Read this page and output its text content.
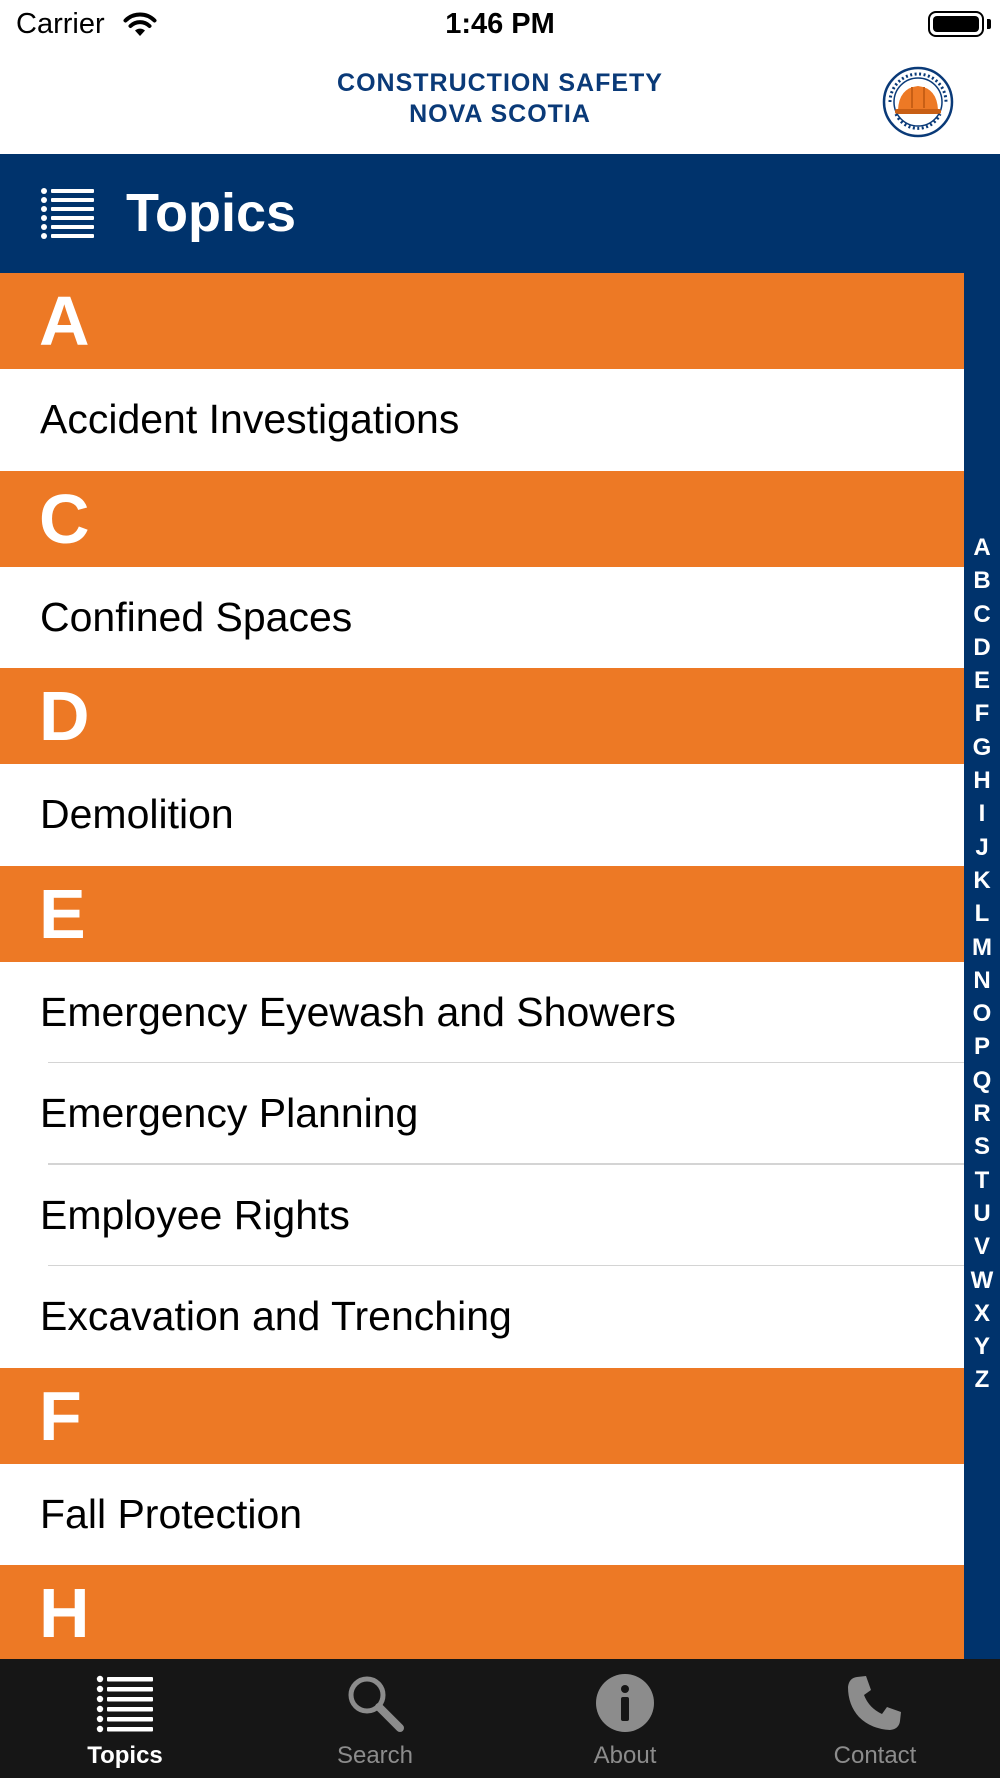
Carrier	1:46 PM
CONSTRUCTION SAFETY
NOVA SCOTIA
Topics
A
Accident Investigations
C
Confined Spaces
D
Demolition
E
Emergency Eyewash and Showers
Emergency Planning
Employee Rights
Excavation and Trenching
F
Fall Protection
H
A
B
C
D
E
F
G
H
I
J
K
L
M
N
O
P
Q
R
S
T
U
V
W
X
Y
Z
Topics	Search	About	Contact
